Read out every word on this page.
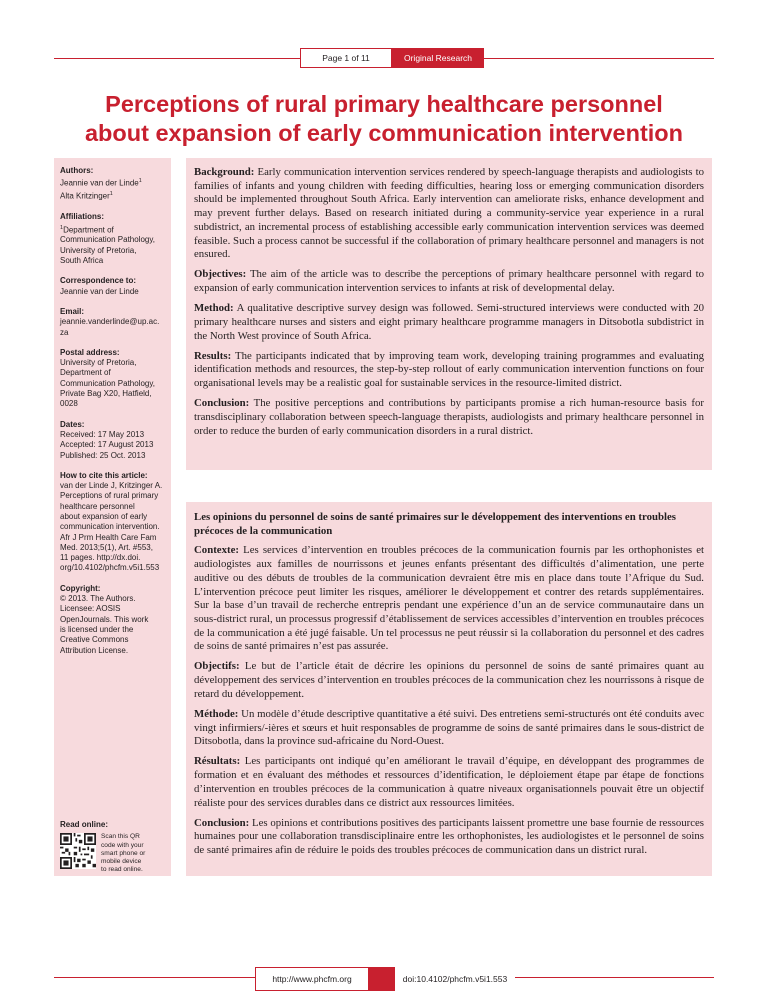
Page 1 of 11	Original Research
Perceptions of rural primary healthcare personnel
about expansion of early communication intervention
Authors:
Jeannie van der Linde$^1$
Alta Kritzinger$^1$
Affiliations:
$^1$Department of
Communication Pathology,
University of Pretoria,
South Africa
Correspondence to:
Jeannie van der Linde
Email:
jeannie.vanderlinde@up.ac.
za
Postal address:
University of Pretoria,
Department of
Communication Pathology,
Private Bag X20, Hatfield,
0028
Dates:
Received: 17 May 2013
Accepted: 17 August 2013
Published: 25 Oct. 2013
How to cite this article:
van der Linde J, Kritzinger A.
Perceptions of rural primary
healthcare personnel
about expansion of early
communication intervention.
Afr J Prm Health Care Fam
Med. 2013;5(1), Art. #553,
11 pages. http://dx.doi.
org/10.4102/phcfm.v5i1.553
Copyright:
© 2013. The Authors.
Licensee: AOSIS
OpenJournals. This work
is licensed under the
Creative Commons
Attribution License.
Read online:
Scan this QR
code with your
smart phone or
mobile device
to read online.

Background: Early communication intervention services rendered by speech-language therapists and audiologists to families of infants and young children with feeding difficulties, hearing loss or emerging communication disorders should be implemented throughout South Africa. Early intervention can ameliorate risks, enhance development and may prevent further delays. Based on research initiated during a community-service year experience in a rural subdistrict, an incremental process of establishing accessible early communication intervention services was deemed feasible. Such a process cannot be successful if the collaboration of primary healthcare personnel and managers is not ensured.

Objectives: The aim of the article was to describe the perceptions of primary healthcare personnel with regard to expansion of early communication intervention services to infants at risk of developmental delay.

Method: A qualitative descriptive survey design was followed. Semi-structured interviews were conducted with 20 primary healthcare nurses and sisters and eight primary healthcare programme managers in Ditsobotla subdistrict in the North West province of South Africa.

Results: The participants indicated that by improving team work, developing training programmes and evaluating identification methods and resources, the step-by-step rollout of early communication intervention functions on four organisational levels may be a realistic goal for sustainable services in the resource-limited district.

Conclusion: The positive perceptions and contributions by participants promise a rich human-resource basis for transdisciplinary collaboration between speech-language therapists, audiologists and primary healthcare personnel in order to reduce the burden of early communication disorders in a rural district.

Les opinions du personnel de soins de santé primaires sur le développement des interventions en troubles précoces de la communication

Contexte: Les services d’intervention en troubles précoces de la communication fournis par les orthophonistes et audiologistes aux familles de nourrissons et jeunes enfants présentant des difficultés d’alimentation, une perte auditive ou des débuts de troubles de la communication devraient être mis en place dans toute l’Afrique du Sud. L’intervention précoce peut limiter les risques, améliorer le développement et contrer des retards supplémentaires. Sur la base d’un travail de recherche entrepris pendant une expérience d’un an de service communautaire dans un sous-district rural, un processus progressif d’établissement de services accessibles d’intervention en troubles précoces de la communication a été jugé faisable. Un tel processus ne peut réussir si la collaboration du personnel et des cadres de soins de santé primaires n’est pas assurée.

Objectifs: Le but de l’article était de décrire les opinions du personnel de soins de santé primaires quant au développement des services d’intervention en troubles précoces de la communication chez les nourrissons à risque de retard du développement.

Méthode: Un modèle d’étude descriptive quantitative a été suivi. Des entretiens semi-structurés ont été conduits avec vingt infirmiers/-ières et sœurs et huit responsables de programme de soins de santé primaires dans le sous-district de Ditsobotla, dans la province sud-africaine du Nord-Ouest.

Résultats: Les participants ont indiqué qu’en améliorant le travail d’équipe, en développant des programmes de formation et en évaluant des méthodes et ressources d’identification, le déploiement étape par étape de fonctions d’intervention en troubles précoces de la communication à quatre niveaux organisationnels pouvait être un objectif réaliste pour des services durables dans ce district aux ressources limitées.

Conclusion: Les opinions et contributions positives des participants laissent promettre une base fournie de ressources humaines pour une collaboration transdisciplinaire entre les orthophonistes, les audiologistes et le personnel de soins de santé primaires afin de réduire le poids des troubles précoces de communication dans un district rural.

http://www.phcfm.org	doi:10.4102/phcfm.v5i1.553
